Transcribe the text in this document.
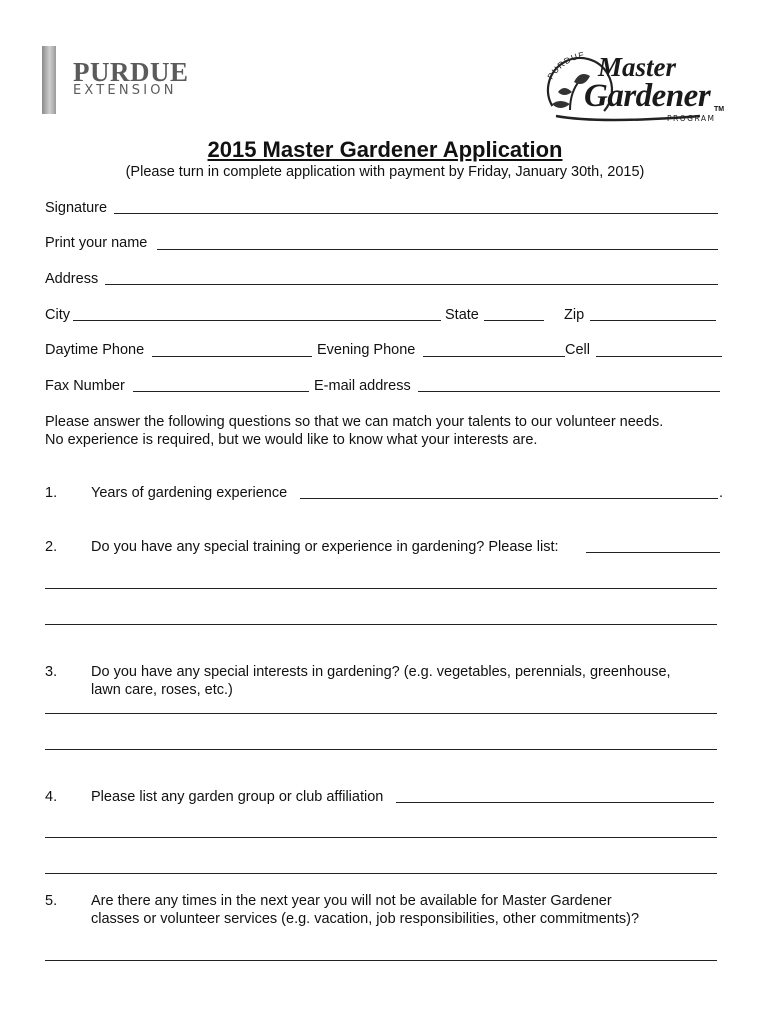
PURDUE
EXTENSION
PURDUE Master
Gardener TM
PROGRAM
2015 Master Gardener Application
(Please turn in complete application with payment by Friday, January 30th, 2015)
Signature
Print your name
Address
City	State	Zip
Daytime Phone	Evening Phone	Cell
Fax Number	E-mail address
Please answer the following questions so that we can match your talents to our volunteer needs.
No experience is required, but we would like to know what your interests are.
1. Years of gardening experience	.
2. Do you have any special training or experience in gardening? Please list:
3. Do you have any special interests in gardening? (e.g. vegetables, perennials, greenhouse,
lawn care, roses, etc.)
4. Please list any garden group or club affiliation
5. Are there any times in the next year you will not be available for Master Gardener
classes or volunteer services (e.g. vacation, job responsibilities, other commitments)?
